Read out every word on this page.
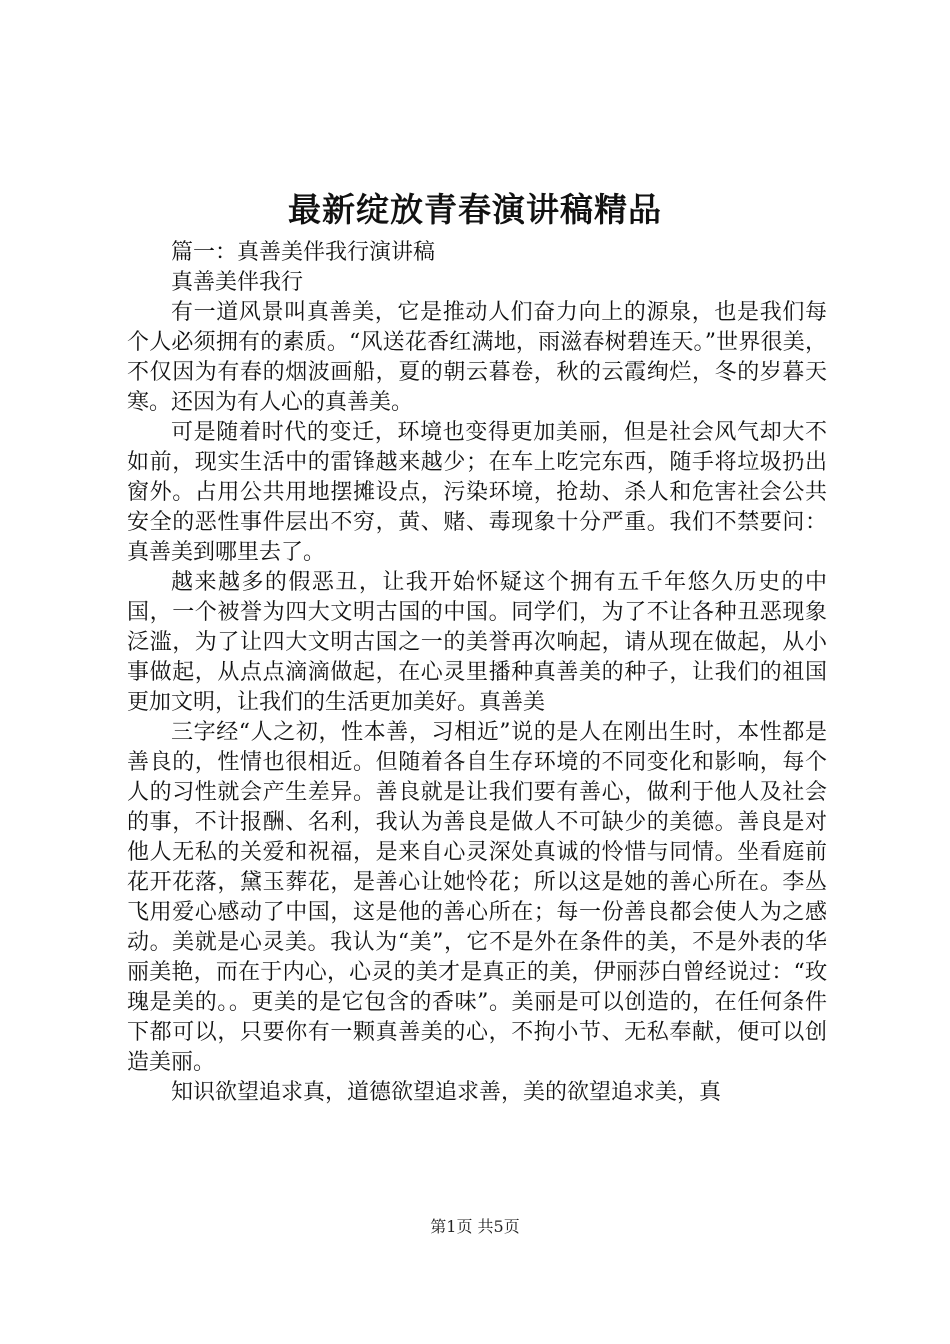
最新绽放青春演讲稿精品

篇一：真善美伴我行演讲稿

真善美伴我行

有一道风景叫真善美，它是推动人们奋力向上的源泉，也是我们每个人必须拥有的素质。“风送花香红满地，雨滋春树碧连天。”世界很美，不仅因为有春的烟波画船，夏的朝云暮卷，秋的云霞绚烂，冬的岁暮天寒。还因为有人心的真善美。

可是随着时代的变迁，环境也变得更加美丽，但是社会风气却大不如前，现实生活中的雷锋越来越少；在车上吃完东西，随手将垃圾扔出窗外。占用公共用地摆摊设点，污染环境，抢劫、杀人和危害社会公共安全的恶性事件层出不穷，黄、赌、毒现象十分严重。我们不禁要问：真善美到哪里去了。

越来越多的假恶丑，让我开始怀疑这个拥有五千年悠久历史的中国，一个被誉为四大文明古国的中国。同学们，为了不让各种丑恶现象泛滥，为了让四大文明古国之一的美誉再次响起，请从现在做起，从小事做起，从点点滴滴做起，在心灵里播种真善美的种子，让我们的祖国更加文明，让我们的生活更加美好。真善美

三字经“人之初，性本善，习相近”说的是人在刚出生时，本性都是善良的，性情也很相近。但随着各自生存环境的不同变化和影响，每个人的习性就会产生差异。善良就是让我们要有善心，做利于他人及社会的事，不计报酬、名利，我认为善良是做人不可缺少的美德。善良是对他人无私的关爱和祝福，是来自心灵深处真诚的怜惜与同情。坐看庭前花开花落，黛玉葬花，是善心让她怜花；所以这是她的善心所在。李丛飞用爱心感动了中国，这是他的善心所在；每一份善良都会使人为之感动。美就是心灵美。我认为“美”，它不是外在条件的美，不是外表的华丽美艳，而在于内心，心灵的美才是真正的美，伊丽莎白曾经说过：“玫瑰是美的。。更美的是它包含的香味”。美丽是可以创造的，在任何条件下都可以，只要你有一颗真善美的心，不拘小节、无私奉献，便可以创造美丽。

知识欲望追求真，道德欲望追求善，美的欲望追求美，真

第1页 共5页
